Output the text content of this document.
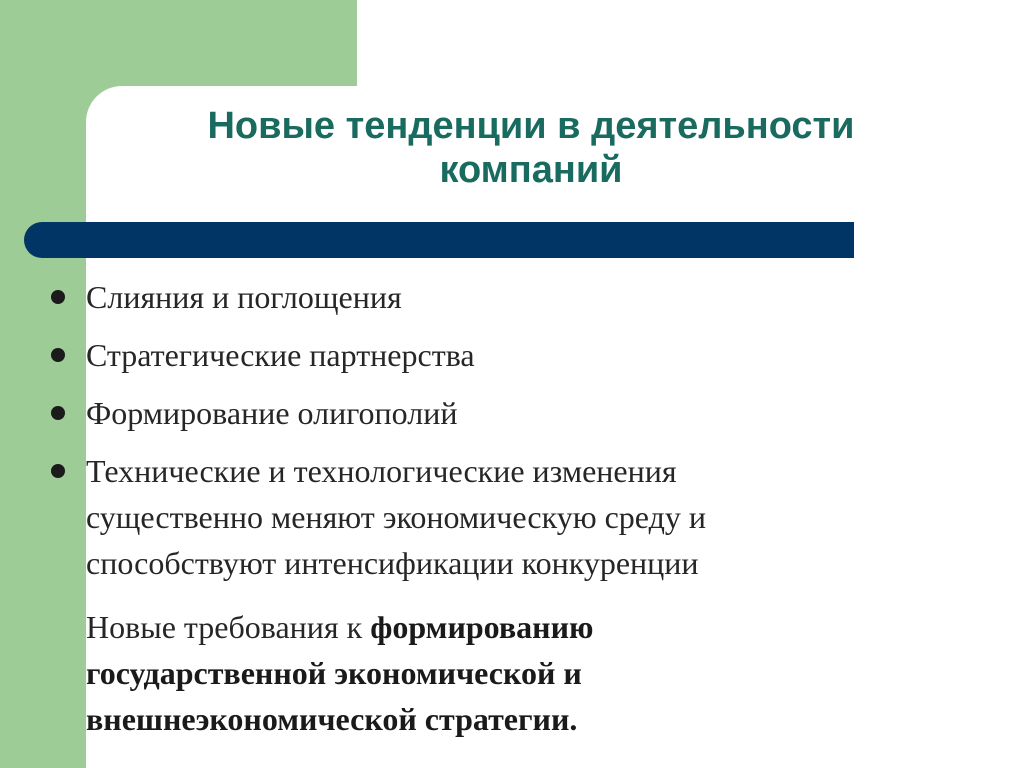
Новые тенденции в деятельности
компаний
Слияния и поглощения
Стратегические партнерства
Формирование олигополий
Технические и технологические изменения
существенно меняют экономическую среду и
способствуют интенсификации конкуренции
Новые требования к формированию
государственной экономической и
внешнеэкономической стратегии.
